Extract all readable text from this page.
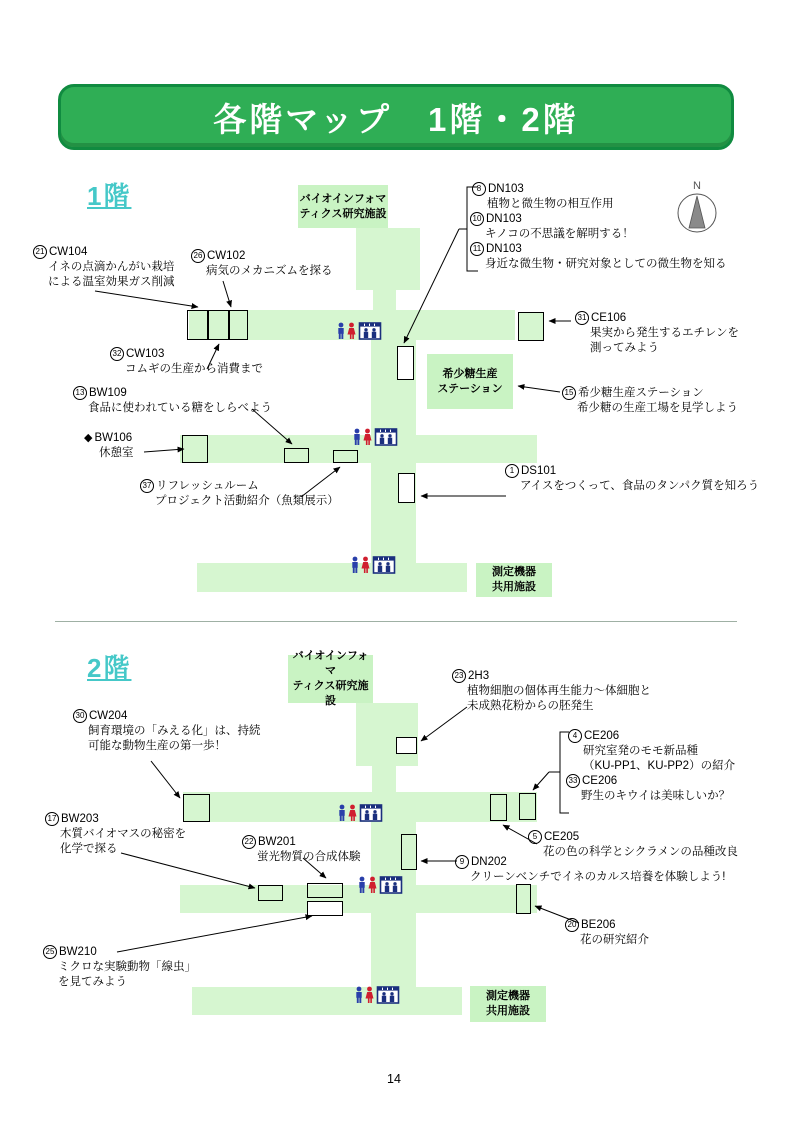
各階マップ　1階・2階
1階
2階
バイオインフォマ
ティクス研究施設
希少糖生産
ステーション
測定機器
共用施設
バイオインフォマ
ティクス研究施設
測定機器
共用施設
N
21 CW104
イネの点滴かんがい栽培
による温室効果ガス削減
26 CW102
病気のメカニズムを探る
8 DN103
植物と微生物の相互作用
10 DN103
キノコの不思議を解明する！
11 DN103
身近な微生物・研究対象としての微生物を知る
32 CW103
コムギの生産から消費まで
13 BW109
食品に使われている糖をしらべよう
◆ BW106
休憩室
37 リフレッシュルーム
プロジェクト活動紹介（魚類展示）
31 CE106
果実から発生するエチレンを
測ってみよう
15 希少糖生産ステーション
希少糖の生産工場を見学しよう
1 DS101
アイスをつくって、食品のタンパク質を知ろう
30 CW204
飼育環境の「みえる化」は、持続
可能な動物生産の第一歩！
23 2H3
植物細胞の個体再生能力～体細胞と
未成熟花粉からの胚発生
4 CE206
研究室発のモモ新品種
（KU-PP1、KU-PP2）の紹介
33 CE206
野生のキウイは美味しいか？
17 BW203
木質バイオマスの秘密を
化学で探る
22 BW201
蛍光物質の合成体験
5 CE205
花の色の科学とシクラメンの品種改良
9 DN202
クリーンベンチでイネのカルス培養を体験しよう!
20 BE206
花の研究紹介
25 BW210
ミクロな実験動物「線虫」
を見てみよう
14
